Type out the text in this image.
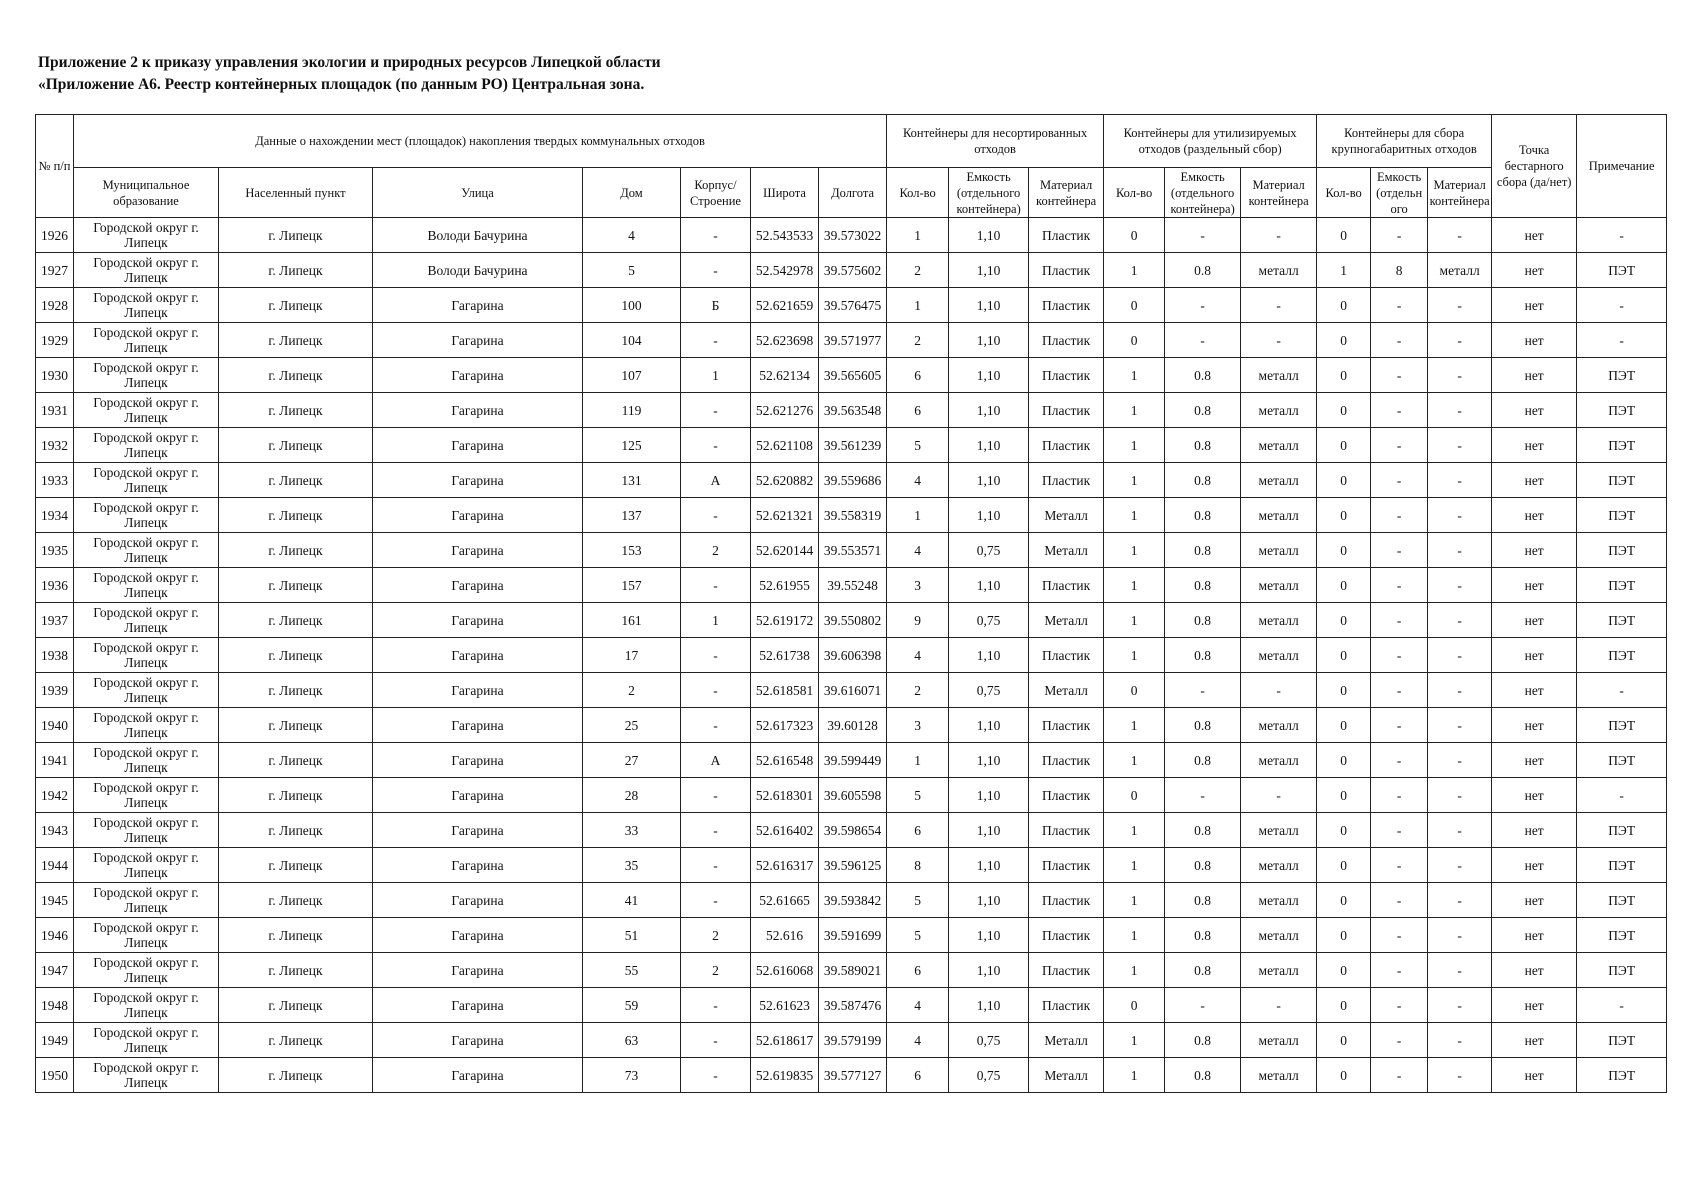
Приложение 2 к приказу управления экологии и природных ресурсов Липецкой области
«Приложение А6. Реестр контейнерных площадок (по данным РО) Центральная зона.
№ п/п	Данные о нахождении мест (площадок) накопления твердых коммунальных отходов							Контейнеры для несортированных отходов			Контейнеры для утилизируемых отходов (раздельный сбор)			Контейнеры для сбора крупногабаритных отходов			Точка бестарного сбора (да/нет)	Примечание
	Муниципальное образование	Населенный пункт	Улица	Дом	Корпус/ Строение	Широта	Долгота	Кол-во	Емкость (отдельного контейнера)	Материал контейнера	Кол-во	Емкость (отдельного контейнера)	Материал контейнера	Кол-во	Емкость (отдельн ого	Материал контейнера		
1926	Городской округ г. Липецк	г. Липецк	Володи Бачурина	4	-	52.543533	39.573022	1	1,10	Пластик	0	-	-	0	-	-	нет	-
1927	Городской округ г. Липецк	г. Липецк	Володи Бачурина	5	-	52.542978	39.575602	2	1,10	Пластик	1	0.8	металл	1	8	металл	нет	ПЭТ
1928	Городской округ г. Липецк	г. Липецк	Гагарина	100	Б	52.621659	39.576475	1	1,10	Пластик	0	-	-	0	-	-	нет	-
1929	Городской округ г. Липецк	г. Липецк	Гагарина	104	-	52.623698	39.571977	2	1,10	Пластик	0	-	-	0	-	-	нет	-
1930	Городской округ г. Липецк	г. Липецк	Гагарина	107	1	52.62134	39.565605	6	1,10	Пластик	1	0.8	металл	0	-	-	нет	ПЭТ
1931	Городской округ г. Липецк	г. Липецк	Гагарина	119	-	52.621276	39.563548	6	1,10	Пластик	1	0.8	металл	0	-	-	нет	ПЭТ
1932	Городской округ г. Липецк	г. Липецк	Гагарина	125	-	52.621108	39.561239	5	1,10	Пластик	1	0.8	металл	0	-	-	нет	ПЭТ
1933	Городской округ г. Липецк	г. Липецк	Гагарина	131	А	52.620882	39.559686	4	1,10	Пластик	1	0.8	металл	0	-	-	нет	ПЭТ
1934	Городской округ г. Липецк	г. Липецк	Гагарина	137	-	52.621321	39.558319	1	1,10	Металл	1	0.8	металл	0	-	-	нет	ПЭТ
1935	Городской округ г. Липецк	г. Липецк	Гагарина	153	2	52.620144	39.553571	4	0,75	Металл	1	0.8	металл	0	-	-	нет	ПЭТ
1936	Городской округ г. Липецк	г. Липецк	Гагарина	157	-	52.61955	39.55248	3	1,10	Пластик	1	0.8	металл	0	-	-	нет	ПЭТ
1937	Городской округ г. Липецк	г. Липецк	Гагарина	161	1	52.619172	39.550802	9	0,75	Металл	1	0.8	металл	0	-	-	нет	ПЭТ
1938	Городской округ г. Липецк	г. Липецк	Гагарина	17	-	52.61738	39.606398	4	1,10	Пластик	1	0.8	металл	0	-	-	нет	ПЭТ
1939	Городской округ г. Липецк	г. Липецк	Гагарина	2	-	52.618581	39.616071	2	0,75	Металл	0	-	-	0	-	-	нет	-
1940	Городской округ г. Липецк	г. Липецк	Гагарина	25	-	52.617323	39.60128	3	1,10	Пластик	1	0.8	металл	0	-	-	нет	ПЭТ
1941	Городской округ г. Липецк	г. Липецк	Гагарина	27	А	52.616548	39.599449	1	1,10	Пластик	1	0.8	металл	0	-	-	нет	ПЭТ
1942	Городской округ г. Липецк	г. Липецк	Гагарина	28	-	52.618301	39.605598	5	1,10	Пластик	0	-	-	0	-	-	нет	-
1943	Городской округ г. Липецк	г. Липецк	Гагарина	33	-	52.616402	39.598654	6	1,10	Пластик	1	0.8	металл	0	-	-	нет	ПЭТ
1944	Городской округ г. Липецк	г. Липецк	Гагарина	35	-	52.616317	39.596125	8	1,10	Пластик	1	0.8	металл	0	-	-	нет	ПЭТ
1945	Городской округ г. Липецк	г. Липецк	Гагарина	41	-	52.61665	39.593842	5	1,10	Пластик	1	0.8	металл	0	-	-	нет	ПЭТ
1946	Городской округ г. Липецк	г. Липецк	Гагарина	51	2	52.616	39.591699	5	1,10	Пластик	1	0.8	металл	0	-	-	нет	ПЭТ
1947	Городской округ г. Липецк	г. Липецк	Гагарина	55	2	52.616068	39.589021	6	1,10	Пластик	1	0.8	металл	0	-	-	нет	ПЭТ
1948	Городской округ г. Липецк	г. Липецк	Гагарина	59	-	52.61623	39.587476	4	1,10	Пластик	0	-	-	0	-	-	нет	-
1949	Городской округ г. Липецк	г. Липецк	Гагарина	63	-	52.618617	39.579199	4	0,75	Металл	1	0.8	металл	0	-	-	нет	ПЭТ
1950	Городской округ г. Липецк	г. Липецк	Гагарина	73	-	52.619835	39.577127	6	0,75	Металл	1	0.8	металл	0	-	-	нет	ПЭТ
